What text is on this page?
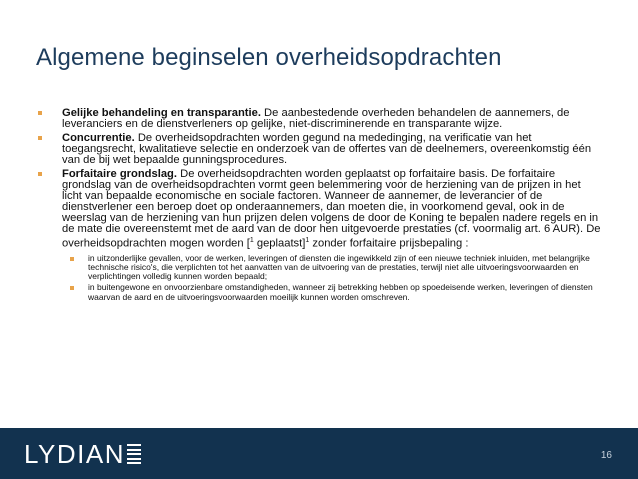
Algemene beginselen overheidsopdrachten
Gelijke behandeling en transparantie. De aanbestedende overheden behandelen de aannemers, de leveranciers en de dienstverleners op gelijke, niet-discriminerende en transparante wijze.
Concurrentie. De overheidsopdrachten worden gegund na mededinging, na verificatie van het toegangsrecht, kwalitatieve selectie en onderzoek van de offertes van de deelnemers, overeenkomstig één van de bij wet bepaalde gunningsprocedures.
Forfaitaire grondslag. De overheidsopdrachten worden geplaatst op forfaitaire basis. De forfaitaire grondslag van de overheidsopdrachten vormt geen belemmering voor de herziening van de prijzen in het licht van bepaalde economische en sociale factoren. Wanneer de aannemer, de leverancier of de dienstverlener een beroep doet op onderaannemers, dan moeten die, in voorkomend geval, ook in de weerslag van de herziening van hun prijzen delen volgens de door de Koning te bepalen nadere regels en in de mate die overeenstemt met de aard van de door hen uitgevoerde prestaties (cf. voormalig art. 6 AUR). De overheidsopdrachten mogen worden [$^1$ geplaatst]$^1$ zonder forfaitaire prijsbepaling :
in uitzonderlijke gevallen, voor de werken, leveringen of diensten die ingewikkeld zijn of een nieuwe techniek inluiden, met belangrijke technische risico's, die verplichten tot het aanvatten van de uitvoering van de prestaties, terwijl niet alle uitvoeringsvoorwaarden en verplichtingen volledig kunnen worden bepaald;
in buitengewone en onvoorzienbare omstandigheden, wanneer zij betrekking hebben op spoedeisende werken, leveringen of diensten waarvan de aard en de uitvoeringsvoorwaarden moeilijk kunnen worden omschreven.
LYDIAN	16
